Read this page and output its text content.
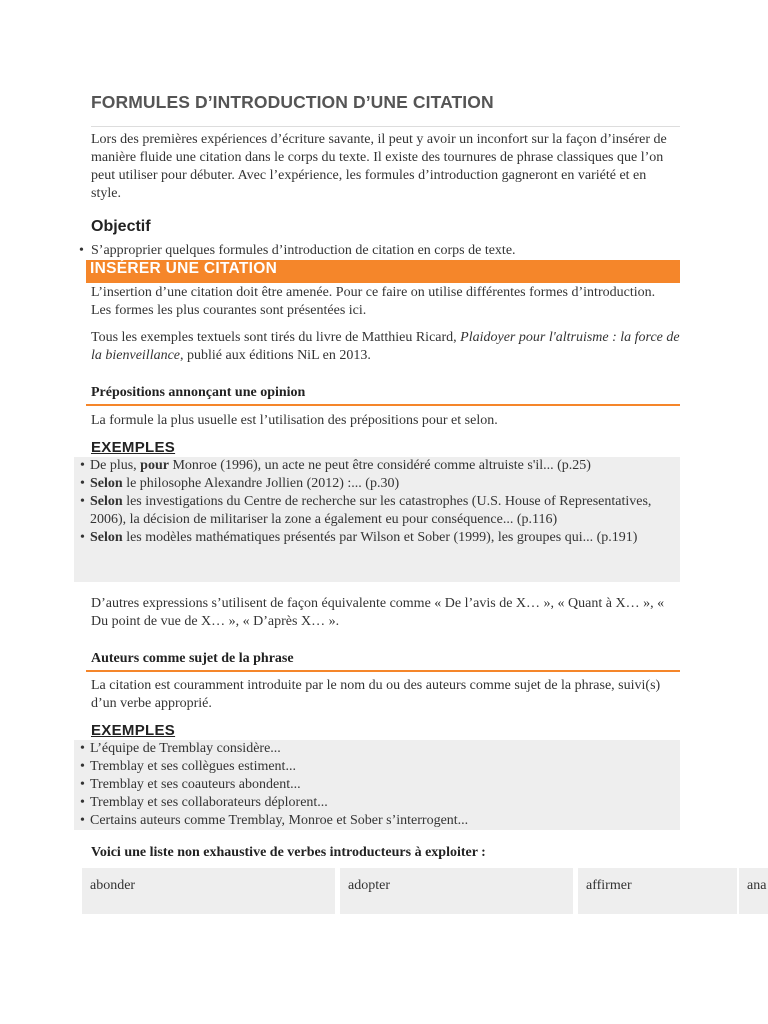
FORMULES D’INTRODUCTION D’UNE CITATION

Lors des premières expériences d’écriture savante, il peut y avoir un inconfort sur la façon d’insérer de manière fluide une citation dans le corps du texte. Il existe des tournures de phrase classiques que l’on peut utiliser pour débuter. Avec l’expérience, les formules d’introduction gagneront en variété et en style.

Objectif
• S’approprier quelques formules d’introduction de citation en corps de texte.
INSÉRER UNE CITATION

L’insertion d’une citation doit être amenée. Pour ce faire on utilise différentes formes d’introduction. Les formes les plus courantes sont présentées ici.

Tous les exemples textuels sont tirés du livre de Matthieu Ricard, Plaidoyer pour l'altruisme : la force de la bienveillance, publié aux éditions NiL en 2013.

Prépositions annonçant une opinion

La formule la plus usuelle est l’utilisation des prépositions pour et selon.

EXEMPLES
• De plus, pour Monroe (1996), un acte ne peut être considéré comme altruiste s'il... (p.25)
• Selon le philosophe Alexandre Jollien (2012) :... (p.30)
• Selon les investigations du Centre de recherche sur les catastrophes (U.S. House of Representatives, 2006), la décision de militariser la zone a également eu pour conséquence... (p.116)
• Selon les modèles mathématiques présentés par Wilson et Sober (1999), les groupes qui... (p.191)

D’autres expressions s’utilisent de façon équivalente comme « De l’avis de X… », « Quant à X… », « Du point de vue de X… », « D’après X… ».

Auteurs comme sujet de la phrase

La citation est couramment introduite par le nom du ou des auteurs comme sujet de la phrase, suivi(s) d’un verbe approprié.

EXEMPLES
• L’équipe de Tremblay considère...
• Tremblay et ses collègues estiment...
• Tremblay et ses coauteurs abondent...
• Tremblay et ses collaborateurs déplorent...
• Certains auteurs comme Tremblay, Monroe et Sober s’interrogent...
Voici une liste non exhaustive de verbes introducteurs à exploiter :
abonder	adopter	affirmer	ana
